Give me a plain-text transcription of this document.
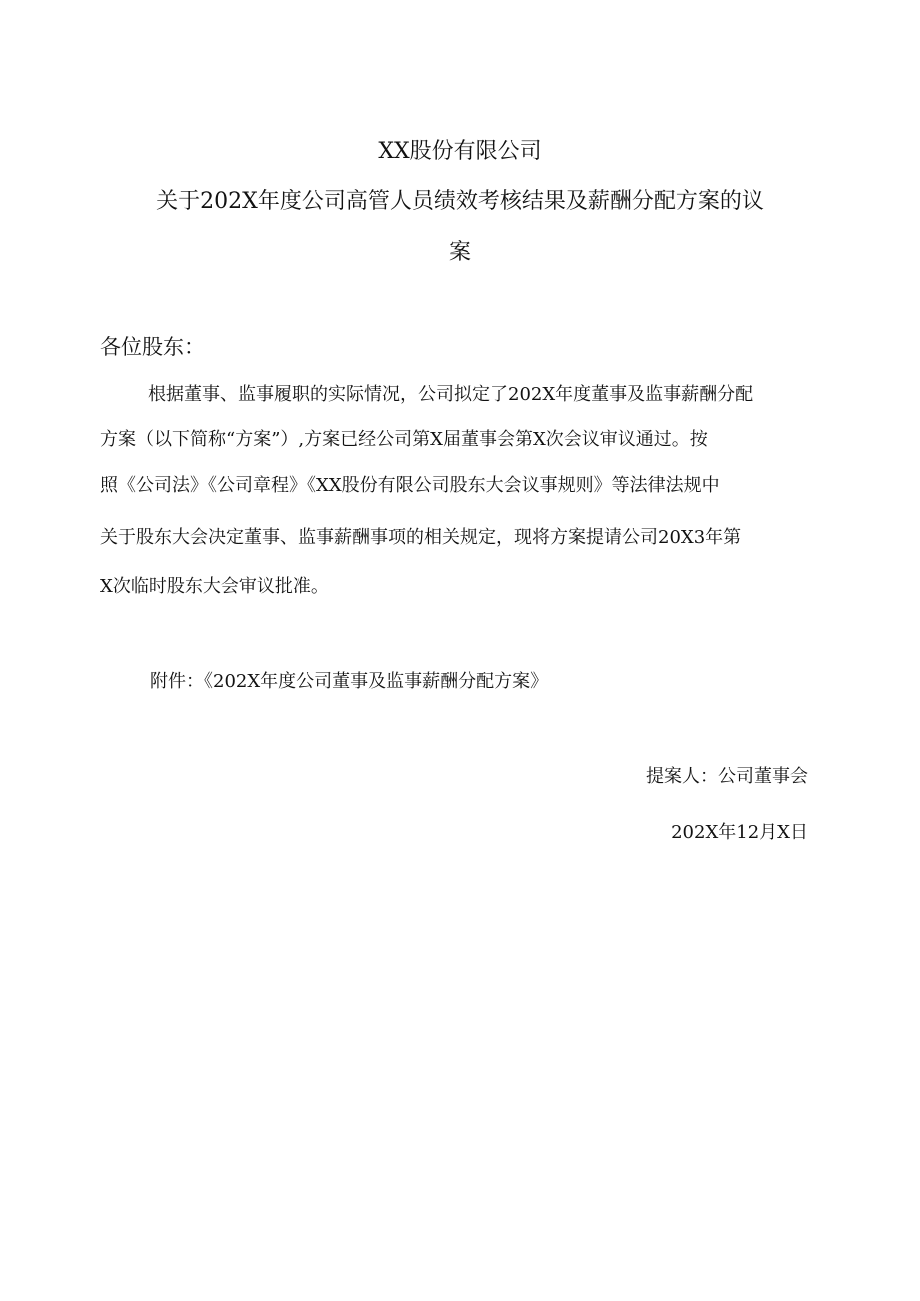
XX股份有限公司
关于202X年度公司高管人员绩效考核结果及薪酬分配方案的议
案
各位股东：
根据董事、监事履职的实际情况，公司拟定了202X年度董事及监事薪酬分配
方案（以下简称“方案”）,方案已经公司第X届董事会第X次会议审议通过。按
照《公司法》《公司章程》《XX股份有限公司股东大会议事规则》等法律法规中
关于股东大会决定董事、监事薪酬事项的相关规定，现将方案提请公司20X3年第
X次临时股东大会审议批准。
附件：《202X年度公司董事及监事薪酬分配方案》
提案人：公司董事会
202X年12月X日
